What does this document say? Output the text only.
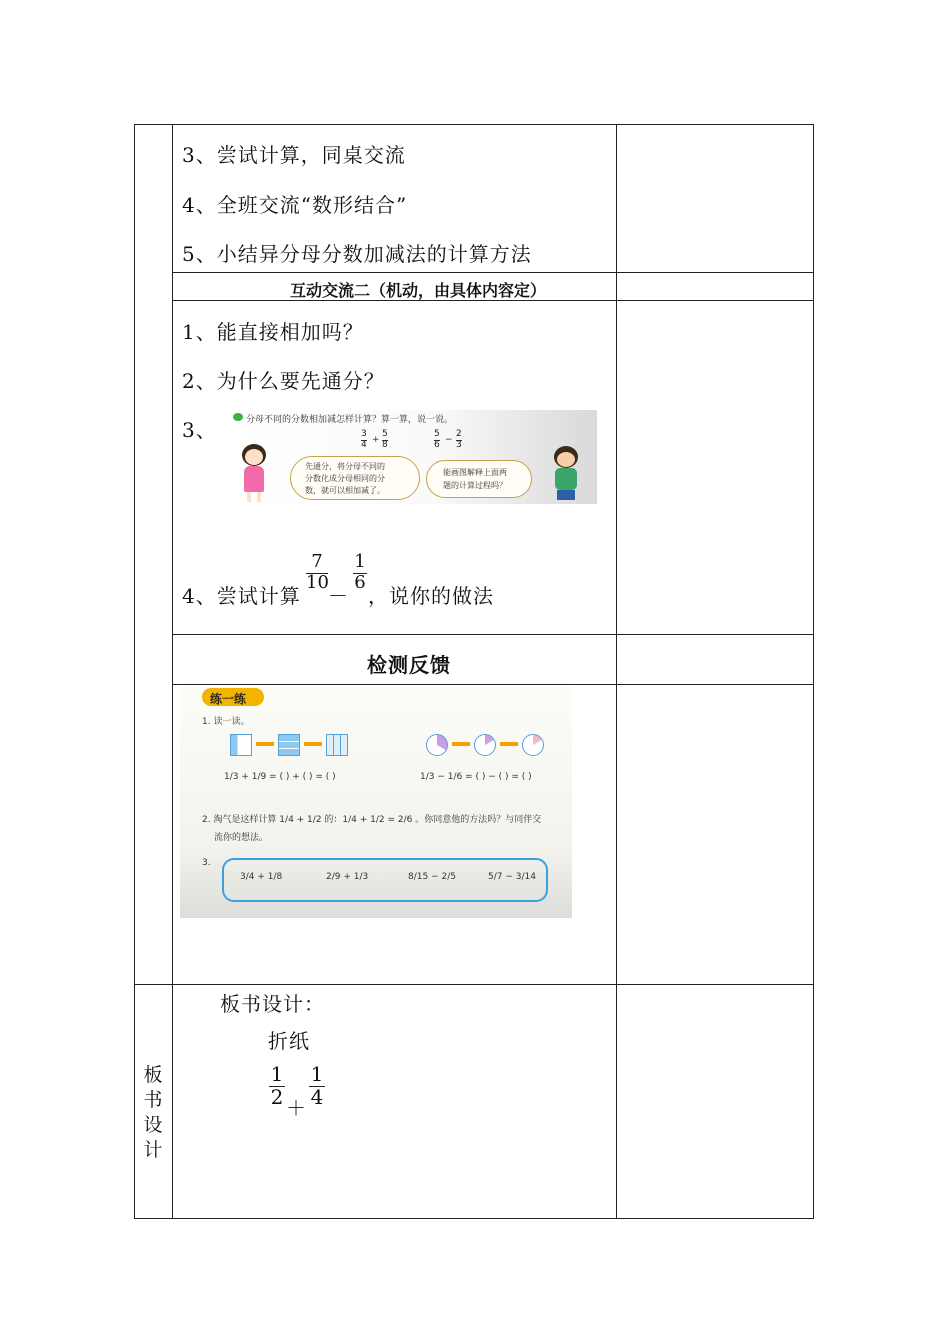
3、尝试计算，同桌交流
4、全班交流“数形结合”
5、小结异分母分数加减法的计算方法
互动交流二（机动，由具体内容定）
1、能直接相加吗？
2、为什么要先通分？
3、	分母不同的分数相加减怎样计算？算一算，说一说。
3
4 +
5
8
5
6 −
2
3
先通分，将分母不同的
分数化成分母相同的分
数，就可以相加减了。
能画图解释上面两
题的计算过程吗？
4、尝试计算
$\frac{7}{10}$
－
$\frac{1}{6}$
，说你的做法
检测反馈
练一练
1. 读一读。
1/3 + 1/9 = ( ) + ( ) = ( )	1/3 − 1/6 = ( ) − ( ) = ( )
2. 淘气是这样计算 1/4 + 1/2 的：1/4 + 1/2 = 2/6 。你同意他的方法吗？与同伴交
流你的想法。
3.
3/4 + 1/8	2/9 + 1/3	8/15 − 2/5	5/7 − 3/14
板
书
设
计
板书设计：
折纸
$\frac{1}{2} + \frac{1}{4}$
